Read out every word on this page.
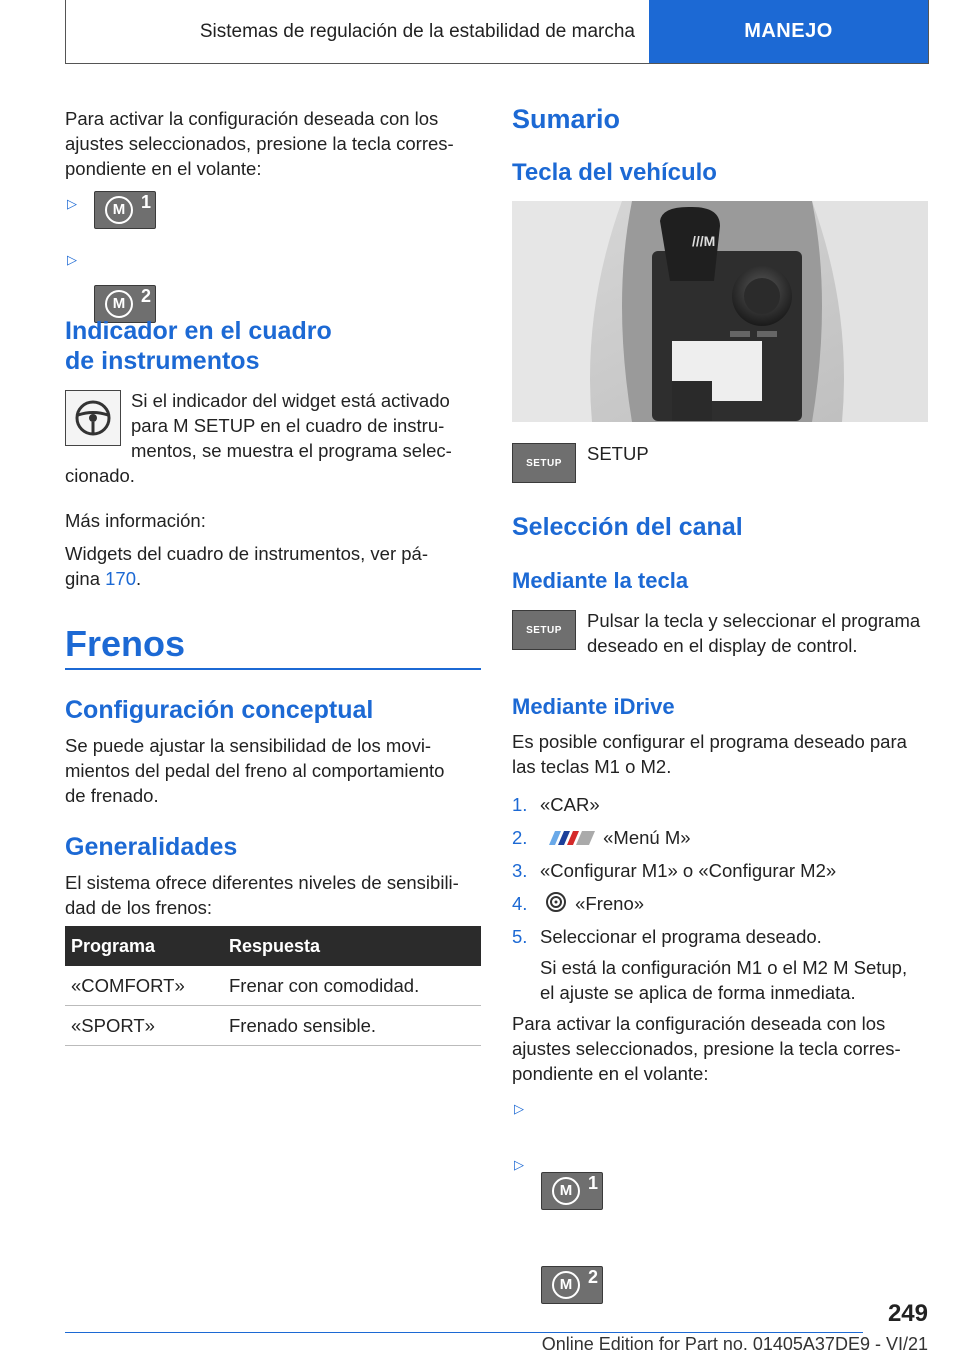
Sistemas de regulación de la estabilidad de marcha	MANEJO
Para activar la configuración deseada con los
ajustes seleccionados, presione la tecla corres-
pondiente en el volante:
▷	M 1
▷
M 2
Indicador en el cuadro
de instrumentos
Si el indicador del widget está activado
para M SETUP en el cuadro de instru-
mentos, se muestra el programa selec-
cionado.
Más información:
Widgets del cuadro de instrumentos, ver pá-
gina 170.
Frenos
Configuración conceptual
Se puede ajustar la sensibilidad de los movi-
mientos del pedal del freno al comportamiento
de frenado.
Generalidades
El sistema ofrece diferentes niveles de sensibili-
dad de los frenos:
Programa	Respuesta
«COMFORT»	Frenar con comodidad.
«SPORT»	Frenado sensible.
Sumario
Tecla del vehículo
///M
SETUP	SETUP
Selección del canal
Mediante la tecla
SETUP	Pulsar la tecla y seleccionar el programa
deseado en el display de control.
Mediante iDrive
Es posible configurar el programa deseado para
las teclas M1 o M2.
1. «CAR»
2.	«Menú M»
3. «Configurar M1» o «Configurar M2»
4.	«Freno»
5. Seleccionar el programa deseado.
Si está la configuración M1 o el M2 M Setup,
el ajuste se aplica de forma inmediata.
Para activar la configuración deseada con los
ajustes seleccionados, presione la tecla corres-
pondiente en el volante:
▷
M 1
▷
M 2
249
Online Edition for Part no. 01405A37DE9 - VI/21
